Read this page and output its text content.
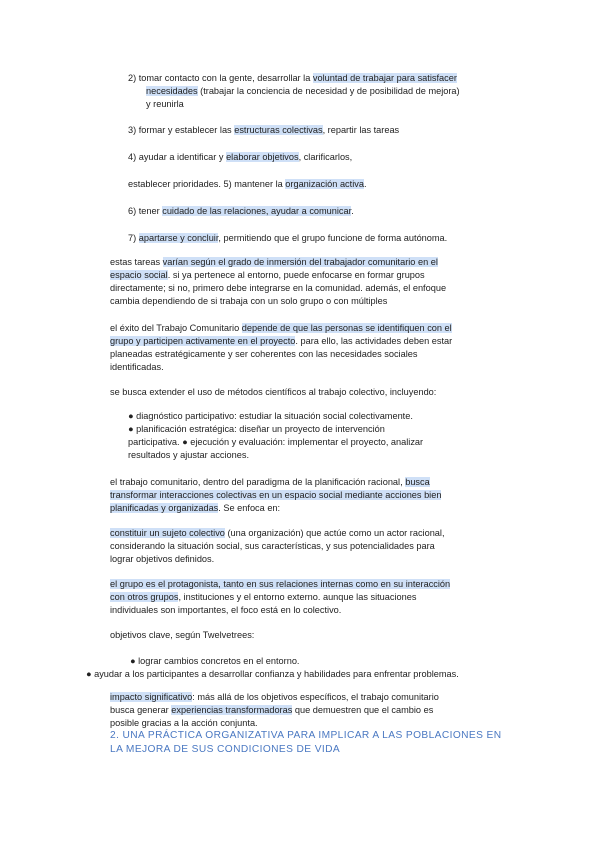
2) tomar contacto con la gente, desarrollar la voluntad de trabajar para satisfacer
necesidades (trabajar la conciencia de necesidad y de posibilidad de mejora)
y reunirla
3) formar y establecer las estructuras colectivas, repartir las tareas
4) ayudar a identificar y elaborar objetivos, clarificarlos,
establecer prioridades. 5) mantener la organización activa.
6) tener cuidado de las relaciones, ayudar a comunicar.
7) apartarse y concluir, permitiendo que el grupo funcione de forma autónoma.
estas tareas varían según el grado de inmersión del trabajador comunitario en el
espacio social. si ya pertenece al entorno, puede enfocarse en formar grupos
directamente; si no, primero debe integrarse en la comunidad. además, el enfoque
cambia dependiendo de si trabaja con un solo grupo o con múltiples
el éxito del Trabajo Comunitario depende de que las personas se identifiquen con el
grupo y participen activamente en el proyecto. para ello, las actividades deben estar
planeadas estratégicamente y ser coherentes con las necesidades sociales
identificadas.
se busca extender el uso de métodos científicos al trabajo colectivo, incluyendo:
● diagnóstico participativo: estudiar la situación social colectivamente.
● planificación estratégica: diseñar un proyecto de intervención
participativa. ● ejecución y evaluación: implementar el proyecto, analizar
resultados y ajustar acciones.
el trabajo comunitario, dentro del paradigma de la planificación racional, busca
transformar interacciones colectivas en un espacio social mediante acciones bien
planificadas y organizadas. Se enfoca en:
constituir un sujeto colectivo (una organización) que actúe como un actor racional,
considerando la situación social, sus características, y sus potencialidades para
lograr objetivos definidos.
el grupo es el protagonista, tanto en sus relaciones internas como en su interacción
con otros grupos, instituciones y el entorno externo. aunque las situaciones
individuales son importantes, el foco está en lo colectivo.
objetivos clave, según Twelvetrees:
● lograr cambios concretos en el entorno.
● ayudar a los participantes a desarrollar confianza y habilidades para enfrentar problemas.
impacto significativo: más allá de los objetivos específicos, el trabajo comunitario
busca generar experiencias transformadoras que demuestren que el cambio es
posible gracias a la acción conjunta.
2. UNA PRÁCTICA ORGANIZATIVA PARA IMPLICAR A LAS POBLACIONES EN
LA MEJORA DE SUS CONDICIONES DE VIDA
